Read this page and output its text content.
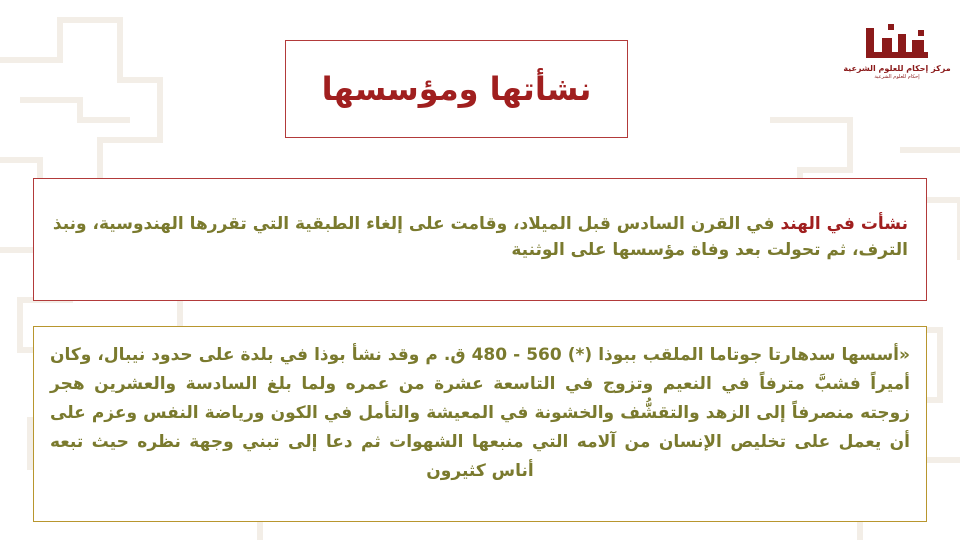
مركز إحكام للعلوم الشرعية
إحكام للعلوم الشرعية
نشأتها ومؤسسها

نشأت في الهند في القرن السادس قبل الميلاد، وقامت على إلغاء الطبقية التي تقررها الهندوسية، ونبذ الترف، ثم تحولت بعد وفاة مؤسسها على الوثنية

«أسسها سدهارتا جوتاما الملقب ببوذا (*) 560 - 480 ق. م وقد نشأ بوذا في بلدة على حدود نيبال، وكان أميراً فشبَّ مترفاً في النعيم وتزوج في التاسعة عشرة من عمره ولما بلغ السادسة والعشرين هجر زوجته منصرفاً إلى الزهد والتقشُّف والخشونة في المعيشة والتأمل في الكون ورياضة النفس وعزم على أن يعمل على تخليص الإنسان من آلامه التي منبعها الشهوات ثم دعا إلى تبني وجهة نظره حيث تبعه أناس كثيرون
